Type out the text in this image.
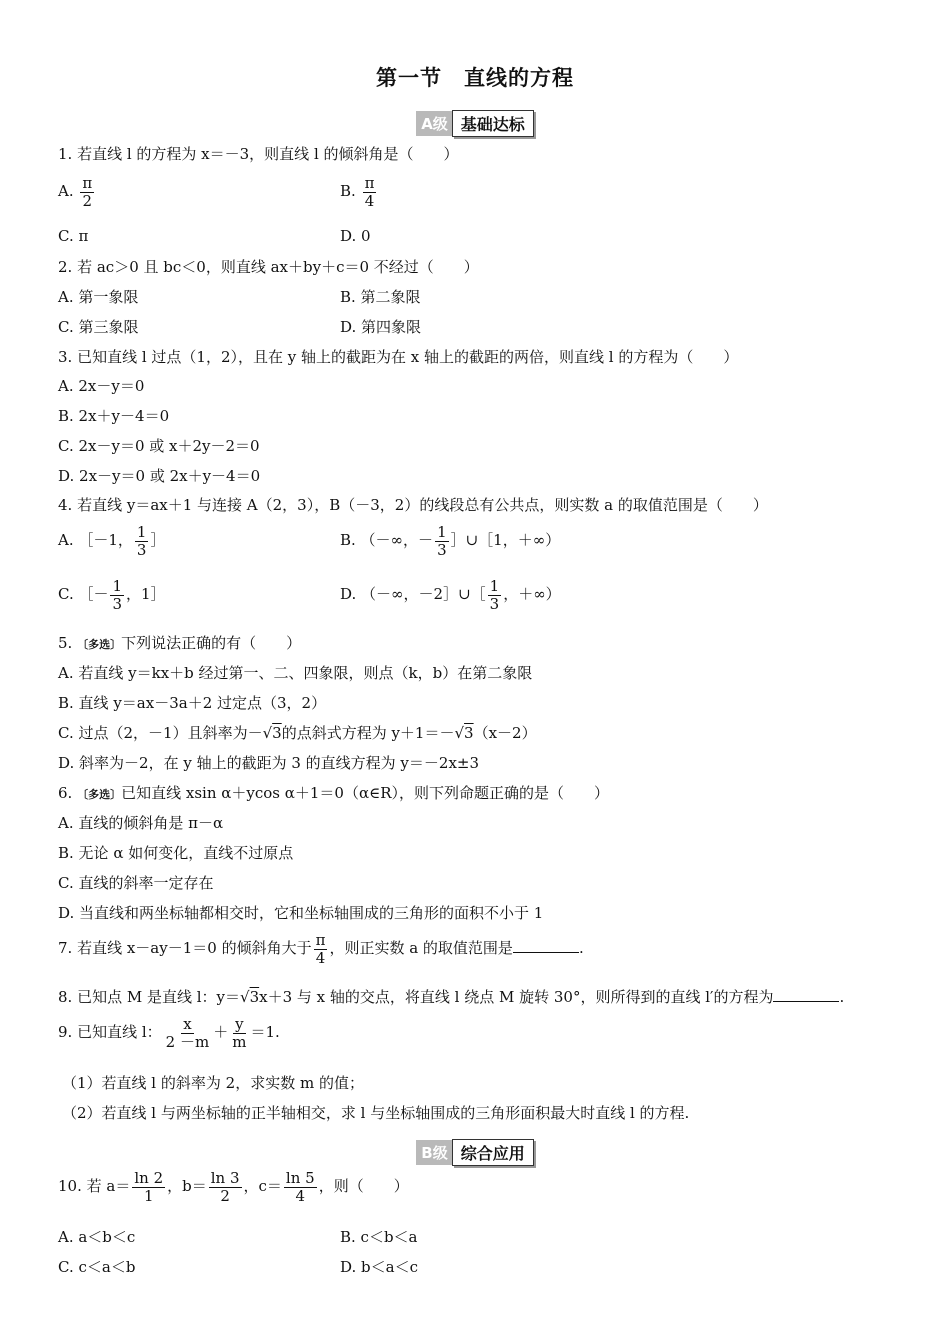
第一节　直线的方程
A级 基础达标
1. 若直线 l 的方程为 x＝－3，则直线 l 的倾斜角是（　　）
A. $\frac{\pi}{2}$	B. $\frac{\pi}{4}$
C. π	D. 0
2. 若 ac＞0 且 bc＜0，则直线 ax＋by＋c＝0 不经过（　　）
A. 第一象限	B. 第二象限
C. 第三象限	D. 第四象限
3. 已知直线 l 过点（1，2），且在 y 轴上的截距为在 x 轴上的截距的两倍，则直线 l 的方程为（　　）
A. 2x－y＝0
B. 2x＋y－4＝0
C. 2x－y＝0 或 x＋2y－2＝0
D. 2x－y＝0 或 2x＋y－4＝0
4. 若直线 y＝ax＋1 与连接 A（2，3），B（－3，2）的线段总有公共点，则实数 a 的取值范围是（　　）
A. ［－1， $\frac{1}{3}$ ］	B. （－∞，－ $\frac{1}{3}$ ］∪［1，＋∞）
C. ［－ $\frac{1}{3}$ ，1］	D. （－∞，－2］∪［ $\frac{1}{3}$ ，＋∞）
5. 〔多选〕下列说法正确的有（　　）
A. 若直线 y＝kx＋b 经过第一、二、四象限，则点（k，b）在第二象限
B. 直线 y＝ax－3a＋2 过定点（3，2）
C. 过点（2，－1）且斜率为－√3的点斜式方程为 y＋1＝－√3（x－2）
D. 斜率为－2，在 y 轴上的截距为 3 的直线方程为 y＝－2x±3
6. 〔多选〕已知直线 xsin α＋ycos α＋1＝0（α∈R），则下列命题正确的是（　　）
A. 直线的倾斜角是 π－α
B. 无论 α 如何变化，直线不过原点
C. 直线的斜率一定存在
D. 当直线和两坐标轴都相交时，它和坐标轴围成的三角形的面积不小于 1
7. 若直线 x－ay－1＝0 的倾斜角大于 $\frac{\pi}{4}$ ，则正实数 a 的取值范围是	.
8. 已知点 M 是直线 l：y＝√3x＋3 与 x 轴的交点，将直线 l 绕点 M 旋转 30°，则所得到的直线 l′的方程为	.
9. 已知直线 l： $\frac{x}{2 -m} + \frac{y}{m} =1$.
（1）若直线 l 的斜率为 2，求实数 m 的值；
（2）若直线 l 与两坐标轴的正半轴相交，求 l 与坐标轴围成的三角形面积最大时直线 l 的方程.
B级 综合应用
10. 若 $a= \frac{\ln 2}{1}$ ，$b= \frac{\ln 3}{2}$ ，$c= \frac{\ln 5}{4}$ ，则（　　）
A. a＜b＜c	B. c＜b＜a
C. c＜a＜b	D. b＜a＜c
